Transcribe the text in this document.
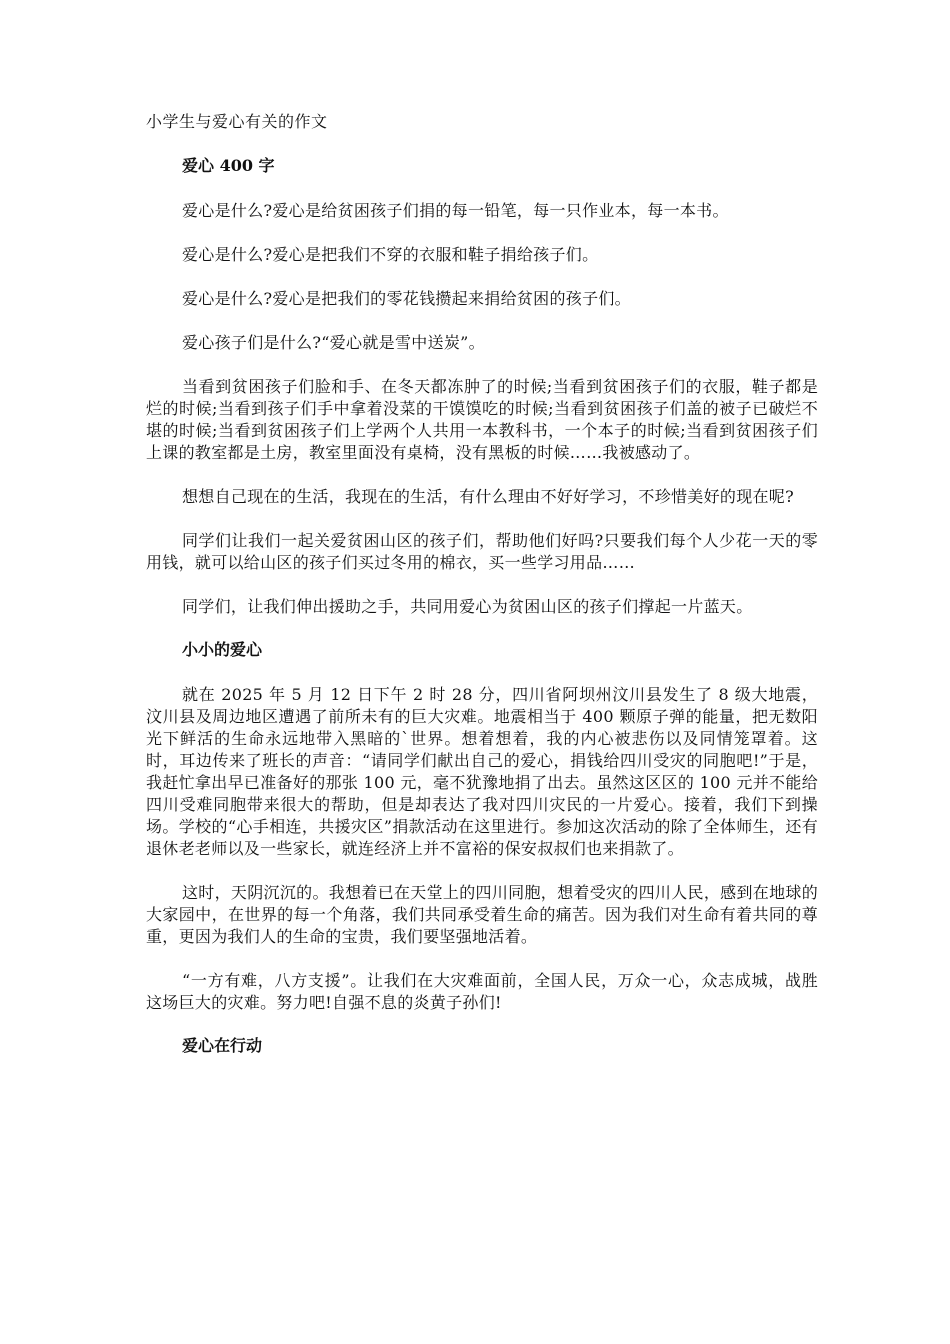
小学生与爱心有关的作文
爱心 400 字

爱心是什么?爱心是给贫困孩子们捐的每一铅笔，每一只作业本，每一本书。

爱心是什么?爱心是把我们不穿的衣服和鞋子捐给孩子们。

爱心是什么?爱心是把我们的零花钱攒起来捐给贫困的孩子们。

爱心孩子们是什么?“爱心就是雪中送炭”。

当看到贫困孩子们脸和手、在冬天都冻肿了的时候;当看到贫困孩子们的衣服，鞋子都是烂的时候;当看到孩子们手中拿着没菜的干馍馍吃的时候;当看到贫困孩子们盖的被子已破烂不堪的时候;当看到贫困孩子们上学两个人共用一本教科书，一个本子的时候;当看到贫困孩子们上课的教室都是土房，教室里面没有桌椅，没有黑板的时候……我被感动了。

想想自己现在的生活，我现在的生活，有什么理由不好好学习，不珍惜美好的现在呢?

同学们让我们一起关爱贫困山区的孩子们，帮助他们好吗?只要我们每个人少花一天的零用钱，就可以给山区的孩子们买过冬用的棉衣，买一些学习用品……

同学们，让我们伸出援助之手，共同用爱心为贫困山区的孩子们撑起一片蓝天。

小小的爱心

就在 2025 年 5 月 12 日下午 2 时 28 分，四川省阿坝州汶川县发生了 8 级大地震，汶川县及周边地区遭遇了前所未有的巨大灾难。地震相当于 400 颗原子弹的能量，把无数阳光下鲜活的生命永远地带入黑暗的`世界。想着想着，我的内心被悲伤以及同情笼罩着。这时，耳边传来了班长的声音：“请同学们献出自己的爱心，捐钱给四川受灾的同胞吧!”于是，我赶忙拿出早已准备好的那张 100 元，毫不犹豫地捐了出去。虽然这区区的 100 元并不能给四川受难同胞带来很大的帮助，但是却表达了我对四川灾民的一片爱心。接着，我们下到操场。学校的“心手相连，共援灾区”捐款活动在这里进行。参加这次活动的除了全体师生，还有退休老老师以及一些家长，就连经济上并不富裕的保安叔叔们也来捐款了。

这时，天阴沉沉的。我想着已在天堂上的四川同胞，想着受灾的四川人民，感到在地球的大家园中，在世界的每一个角落，我们共同承受着生命的痛苦。因为我们对生命有着共同的尊重，更因为我们人的生命的宝贵，我们要坚强地活着。

“一方有难，八方支援”。让我们在大灾难面前，全国人民，万众一心，众志成城，战胜这场巨大的灾难。努力吧!自强不息的炎黄子孙们!

爱心在行动
